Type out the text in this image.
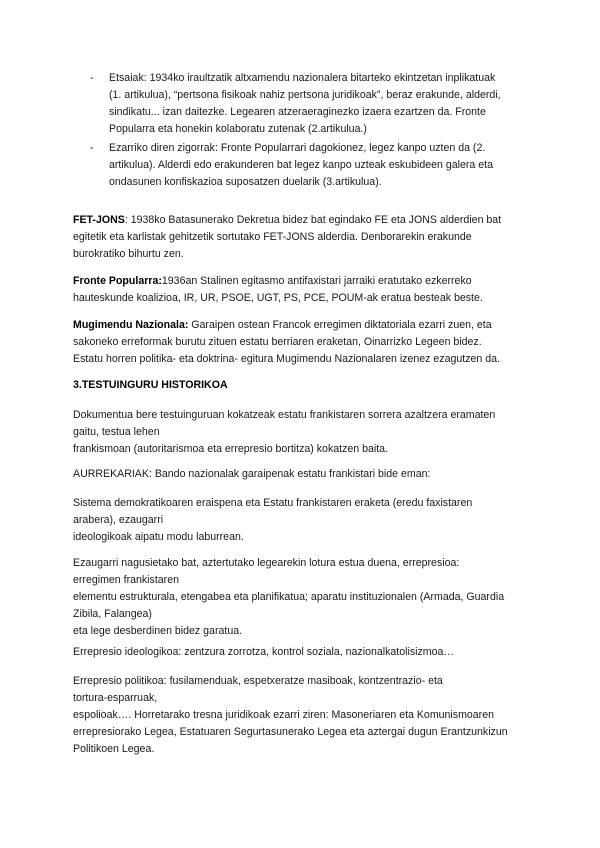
- Etsaiak: 1934ko iraultzatik altxamendu nazionalera bitarteko ekintzetan inplikatuak
(1. artikulua), “pertsona fisikoak nahiz pertsona juridikoak”, beraz erakunde, alderdi,
sindikatu... izan daitezke. Legearen atzeraeraginezko izaera ezartzen da. Fronte
Popularra eta honekin kolaboratu zutenak (2.artikulua.)

- Ezarriko diren zigorrak: Fronte Popularrari dagokionez, legez kanpo uzten da (2.
artikulua). Alderdi edo erakunderen bat legez kanpo uzteak eskubideen galera eta
ondasunen konfiskazioa suposatzen duelarik (3.artikulua).

FET-JONS: 1938ko Batasunerako Dekretua bidez bat egindako FE eta JONS alderdien bat
egitetik eta karlistak gehitzetik sortutako FET-JONS alderdia. Denborarekin erakunde
burokratiko bihurtu zen.

Fronte Popularra:1936an Stalinen egitasmo antifaxistari jarraiki eratutako ezkerreko
hauteskunde koalizioa, IR, UR, PSOE, UGT, PS, PCE, POUM-ak eratua besteak beste.

Mugimendu Nazionala: Garaipen ostean Francok erregimen diktatoriala ezarri zuen, eta
sakoneko erreformak burutu zituen estatu berriaren eraketan, Oinarrizko Legeen bidez.
Estatu horren politika- eta doktrina- egitura Mugimendu Nazionalaren izenez ezagutzen da.

3.TESTUINGURU HISTORIKOA

Dokumentua bere testuinguruan kokatzeak estatu frankistaren sorrera azaltzera eramaten
gaitu, testua lehen
frankismoan (autoritarismoa eta errepresio bortitza) kokatzen baita.

AURREKARIAK: Bando nazionalak garaipenak estatu frankistari bide eman:

Sistema demokratikoaren eraispena eta Estatu frankistaren eraketa (eredu faxistaren
arabera), ezaugarri
ideologikoak aipatu modu laburrean.

Ezaugarri nagusietako bat, aztertutako legearekin lotura estua duena, errepresioa:
erregimen frankistaren
elementu estrukturala, etengabea eta planifikatua; aparatu instituzionalen (Armada, Guardia
Zibila, Falangea)
eta lege desberdinen bidez garatua.

Errepresio ideologikoa: zentzura zorrotza, kontrol soziala, nazionalkatolisizmoa…

Errepresio politikoa: fusilamenduak, espetxeratze masiboak, kontzentrazio- eta
tortura-esparruak,
espolioak…. Horretarako tresna juridikoak ezarri ziren: Masoneriaren eta Komunismoaren
errepresiorako Legea, Estatuaren Segurtasunerako Legea eta aztergai dugun Erantzunkizun
Politikoen Legea.
